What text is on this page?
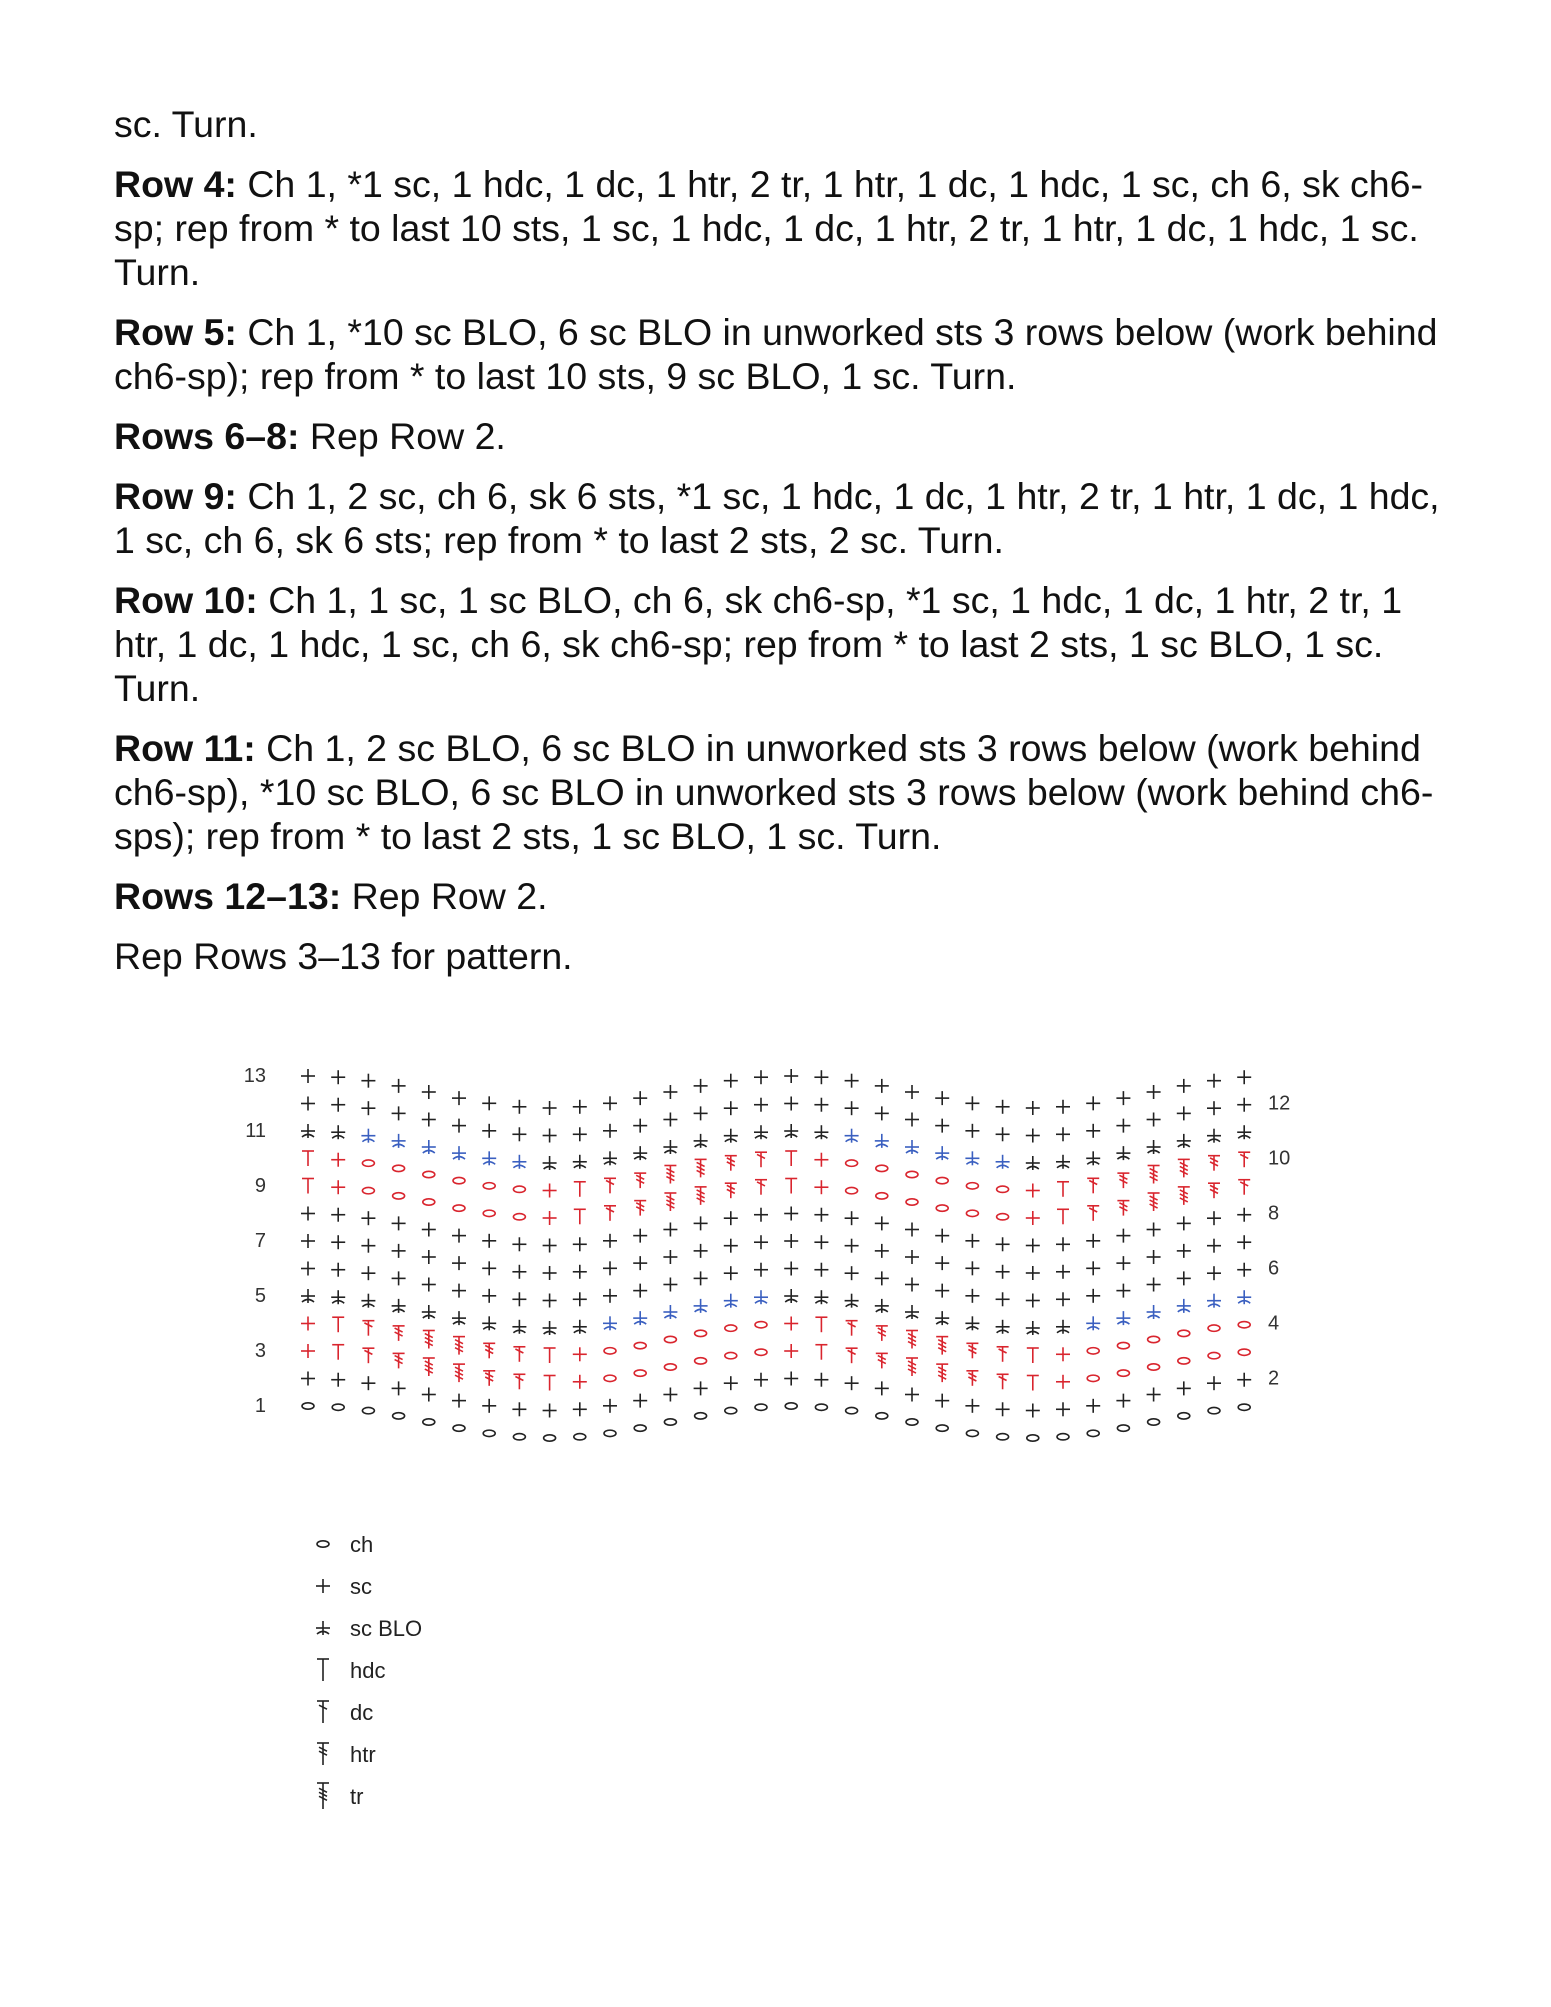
sc. Turn.

Row 4: Ch 1, *1 sc, 1 hdc, 1 dc, 1 htr, 2 tr, 1 htr, 1 dc, 1 hdc, 1 sc, ch 6, sk ch6-sp; rep from * to last 10 sts, 1 sc, 1 hdc, 1 dc, 1 htr, 2 tr, 1 htr, 1 dc, 1 hdc, 1 sc. Turn.

Row 5: Ch 1, *10 sc BLO, 6 sc BLO in unworked sts 3 rows below (work behind ch6-sp); rep from * to last 10 sts, 9 sc BLO, 1 sc. Turn.

Rows 6–8: Rep Row 2.

Row 9: Ch 1, 2 sc, ch 6, sk 6 sts, *1 sc, 1 hdc, 1 dc, 1 htr, 2 tr, 1 htr, 1 dc, 1 hdc, 1 sc, ch 6, sk 6 sts; rep from * to last 2 sts, 2 sc. Turn.

Row 10: Ch 1, 1 sc, 1 sc BLO, ch 6, sk ch6-sp, *1 sc, 1 hdc, 1 dc, 1 htr, 2 tr, 1 htr, 1 dc, 1 hdc, 1 sc, ch 6, sk ch6-sp; rep from * to last 2 sts, 1 sc BLO, 1 sc. Turn.

Row 11: Ch 1, 2 sc BLO, 6 sc BLO in unworked sts 3 rows below (work behind ch6-sp), *10 sc BLO, 6 sc BLO in unworked sts 3 rows below (work behind ch6-sps); rep from * to last 2 sts, 1 sc BLO, 1 sc. Turn.

Rows 12–13: Rep Row 2.

Rep Rows 3–13 for pattern.

13
11
9
7
5
3
1
12
10
8
6
4
2
ch
sc
sc BLO
hdc
dc
htr
tr
